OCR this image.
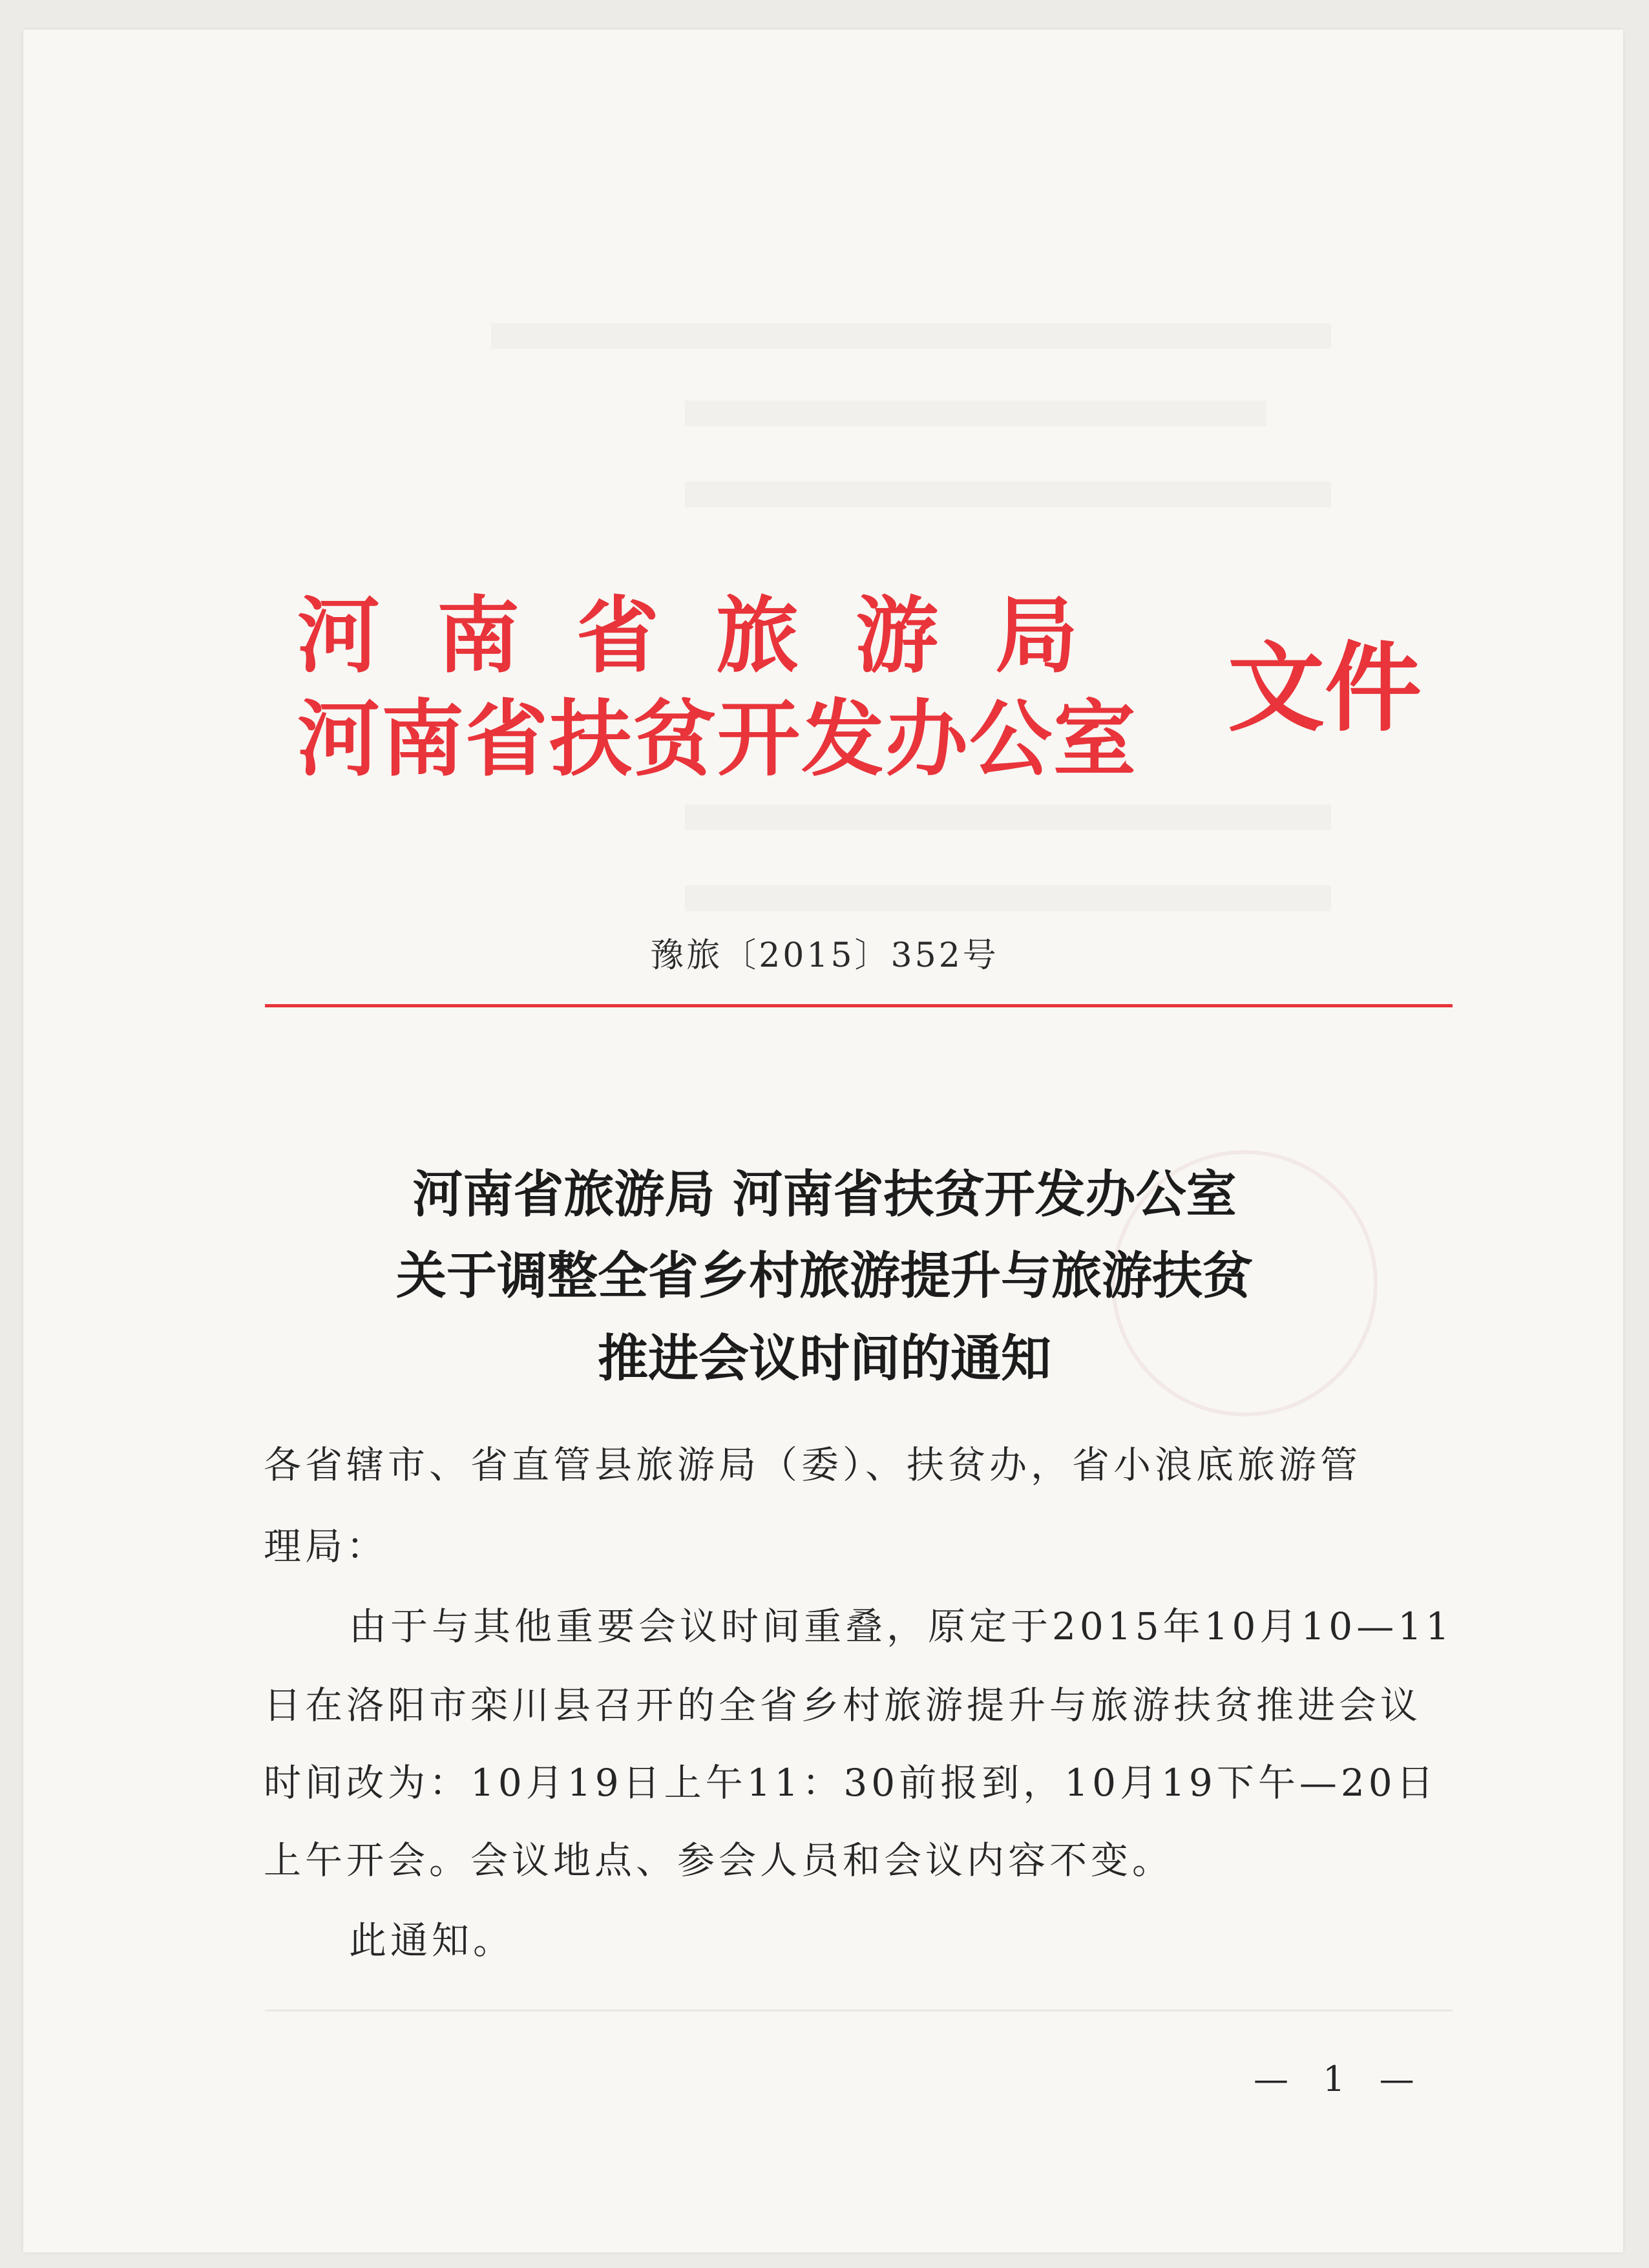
河南省旅游局
河南省扶贫开发办公室 文件
豫旅〔2015〕352号
河南省旅游局 河南省扶贫开发办公室
关于调整全省乡村旅游提升与旅游扶贫
推进会议时间的通知
各省辖市、省直管县旅游局（委）、扶贫办，省小浪底旅游管
理局：
由于与其他重要会议时间重叠，原定于2015年10月10—11
日在洛阳市栾川县召开的全省乡村旅游提升与旅游扶贫推进会议
时间改为：10月19日上午11：30前报到，10月19下午—20日
上午开会。会议地点、参会人员和会议内容不变。
此通知。
— 1 —
